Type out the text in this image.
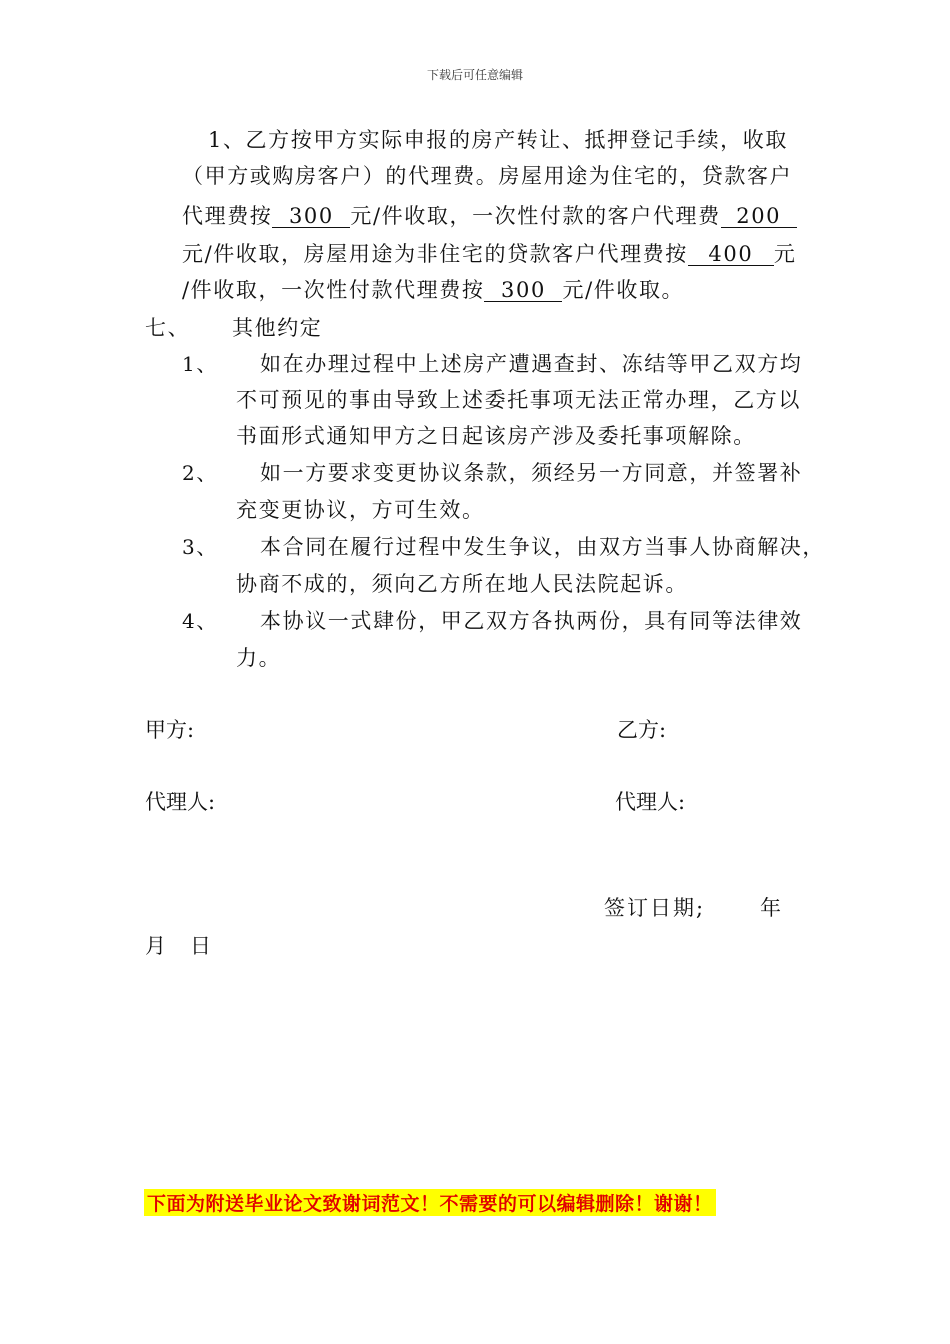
下载后可任意编辑
1、乙方按甲方实际申报的房产转让、抵押登记手续，收取
（甲方或购房客户）的代理费。房屋用途为住宅的，贷款客户
代理费按 300 元/件收取，一次性付款的客户代理费 200
元/件收取，房屋用途为非住宅的贷款客户代理费按 400 元
/件收取，一次性付款代理费按 300 元/件收取。
七、 其他约定
1、 如在办理过程中上述房产遭遇查封、冻结等甲乙双方均
不可预见的事由导致上述委托事项无法正常办理，乙方以
书面形式通知甲方之日起该房产涉及委托事项解除。
2、 如一方要求变更协议条款，须经另一方同意，并签署补
充变更协议，方可生效。
3、 本合同在履行过程中发生争议，由双方当事人协商解决，
协商不成的，须向乙方所在地人民法院起诉。
4、 本协议一式肆份，甲乙双方各执两份，具有同等法律效
力。
甲方:	乙方:
代理人:	代理人:
签订日期;	年
月 日
下面为附送毕业论文致谢词范文！不需要的可以编辑删除！谢谢！
